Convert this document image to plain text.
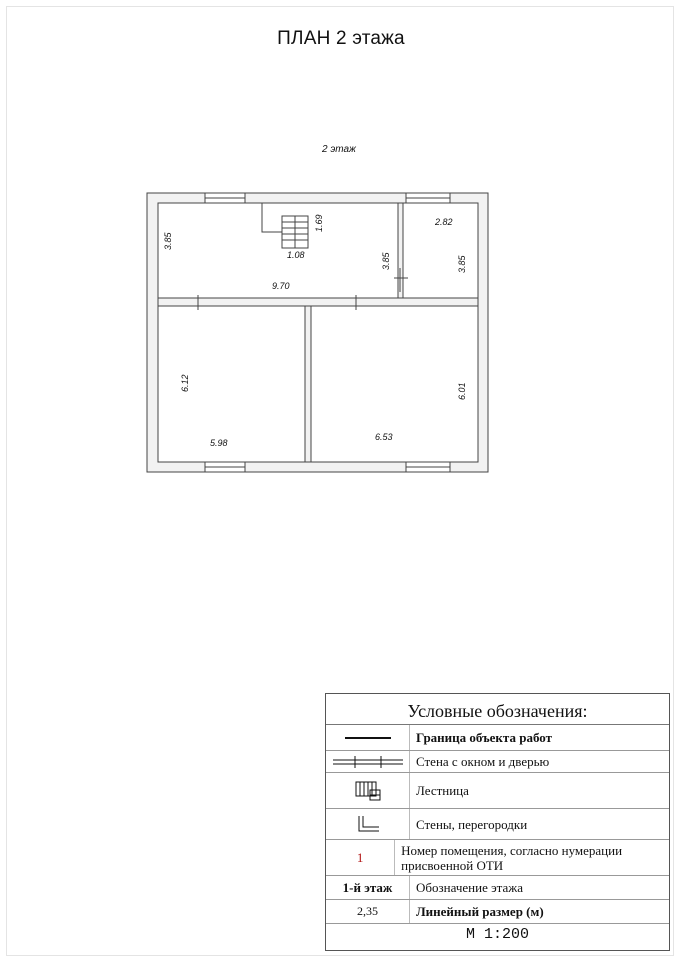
ПЛАН 2 этажа
2 этаж
3.85
1.69
1.08
9.70
3.85
2.82
3.85
6.12
5.98
6.01
6.53
Условные обозначения:
Граница объекта работ
Стена с окном и дверью
Лестница
Стены, перегородки
1	Номер помещения, согласно нумерации присвоенной ОТИ
1-й этаж	Обозначение этажа
2,35	Линейный размер (м)
М 1:200
